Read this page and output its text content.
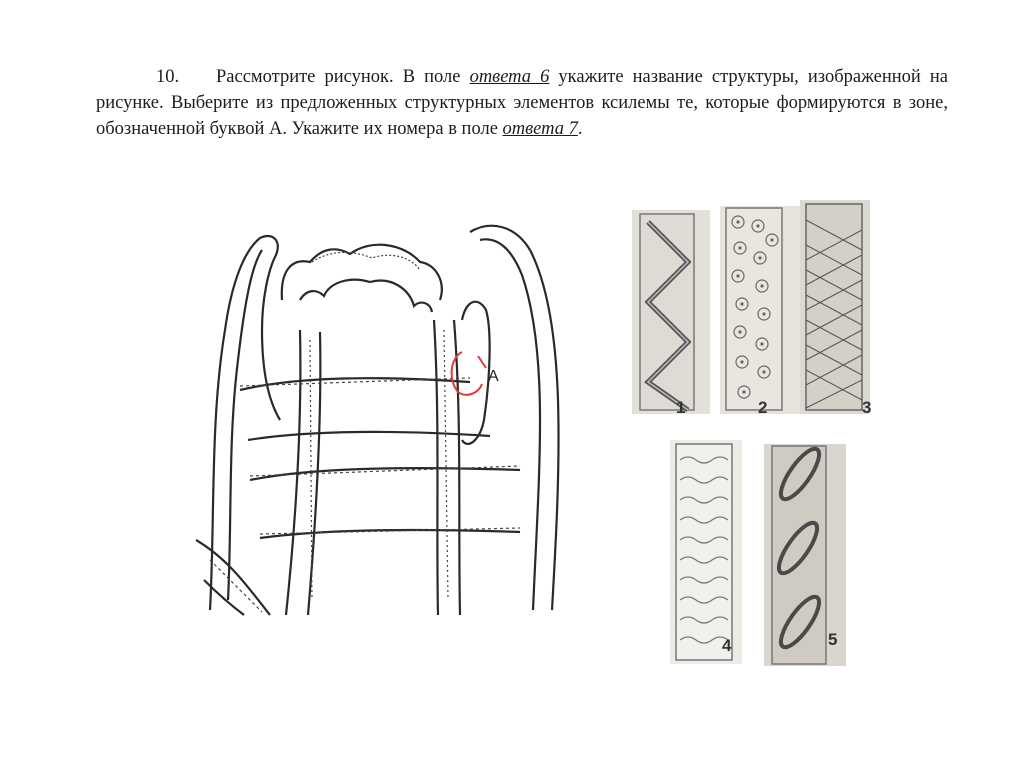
10. Рассмотрите рисунок. В поле ответа 6 укажите название структуры, изображенной на рисунке. Выберите из предложенных структурных элементов ксилемы те, которые формируются в зоне, обозначенной буквой А. Укажите их номера в поле ответа 7.
A
1	2	3
4	5
